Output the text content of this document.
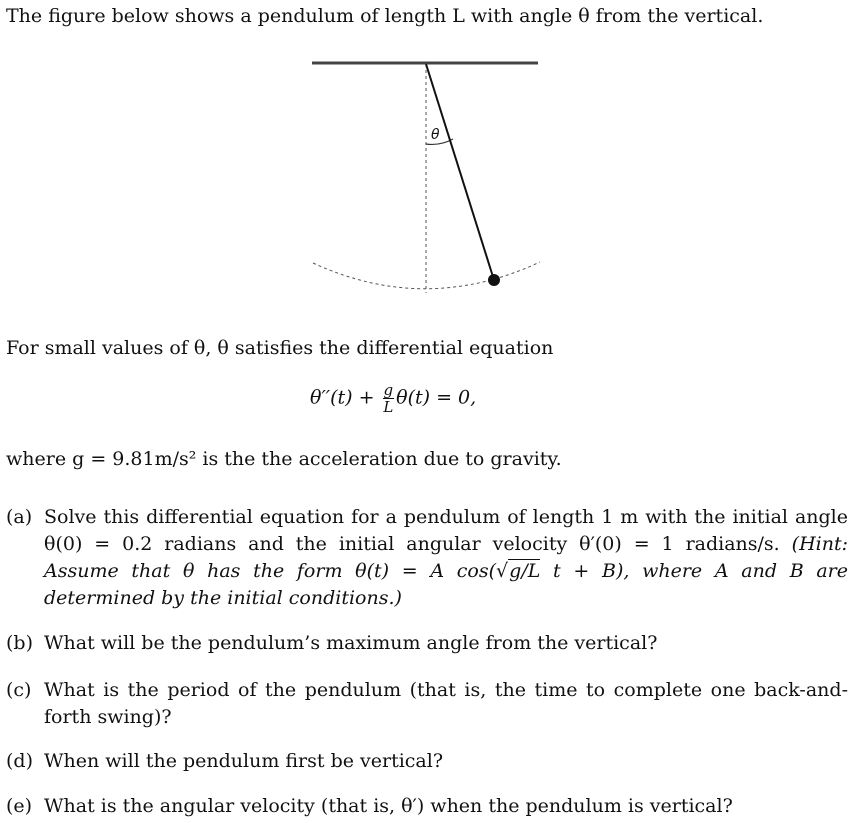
The figure below shows a pendulum of length L with angle θ from the vertical.
θ
For small values of θ, θ satisfies the differential equation
$\theta''(t) + \frac{g}{L} \theta(t) = 0$,
where g = 9.81m/s² is the the acceleration due to gravity.
(a) Solve this differential equation for a pendulum of length 1 m with the initial angle θ(0) = 0.2 radians and the initial angular velocity θ′(0) = 1 radians/s. (Hint: Assume that θ has the form θ(t) = A cos(√g/L t + B), where A and B are determined by the initial conditions.)
(b) What will be the pendulum’s maximum angle from the vertical?
(c) What is the period of the pendulum (that is, the time to complete one back-and-forth swing)?
(d) When will the pendulum first be vertical?
(e) What is the angular velocity (that is, θ′) when the pendulum is vertical?
